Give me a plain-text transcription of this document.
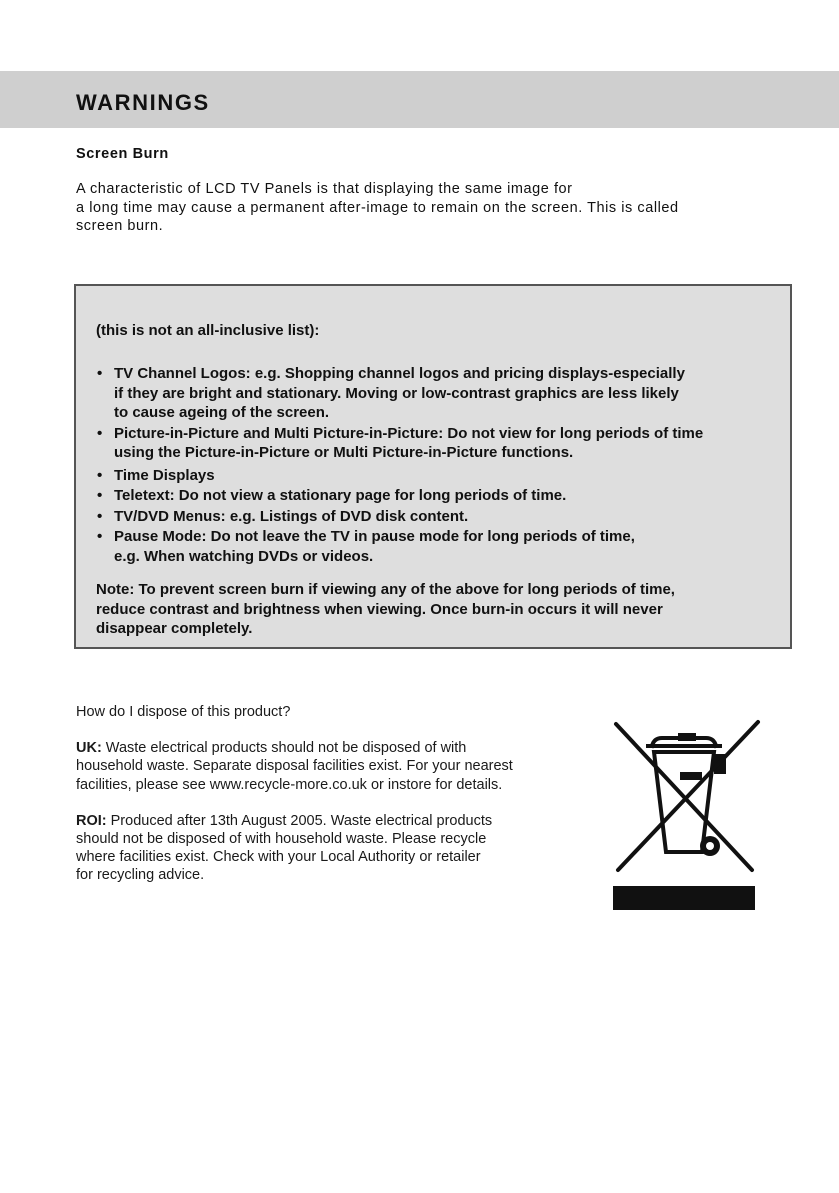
WARNINGS
Screen Burn
A characteristic of LCD TV Panels is that displaying the same image for
a long time may cause a permanent after-image to remain on the screen. This is called
screen burn.

(this is not an all-inclusive list):

• TV Channel Logos: e.g. Shopping channel logos and pricing displays-especially
if they are bright and stationary. Moving or low-contrast graphics are less likely
to cause ageing of the screen.
• Picture-in-Picture and Multi Picture-in-Picture: Do not view for long periods of time
using the Picture-in-Picture or Multi Picture-in-Picture functions.
• Time Displays
• Teletext: Do not view a stationary page for long periods of time.
• TV/DVD Menus: e.g. Listings of DVD disk content.
• Pause Mode: Do not leave the TV in pause mode for long periods of time,
e.g. When watching DVDs or videos.
Note: To prevent screen burn if viewing any of the above for long periods of time,
reduce contrast and brightness when viewing. Once burn-in occurs it will never
disappear completely.

How do I dispose of this product?

UK: Waste electrical products should not be disposed of with
household waste. Separate disposal facilities exist. For your nearest
facilities, please see www.recycle-more.co.uk or instore for details.

ROI: Produced after 13th August 2005. Waste electrical products
should not be disposed of with household waste. Please recycle
where facilities exist. Check with your Local Authority or retailer
for recycling advice.
